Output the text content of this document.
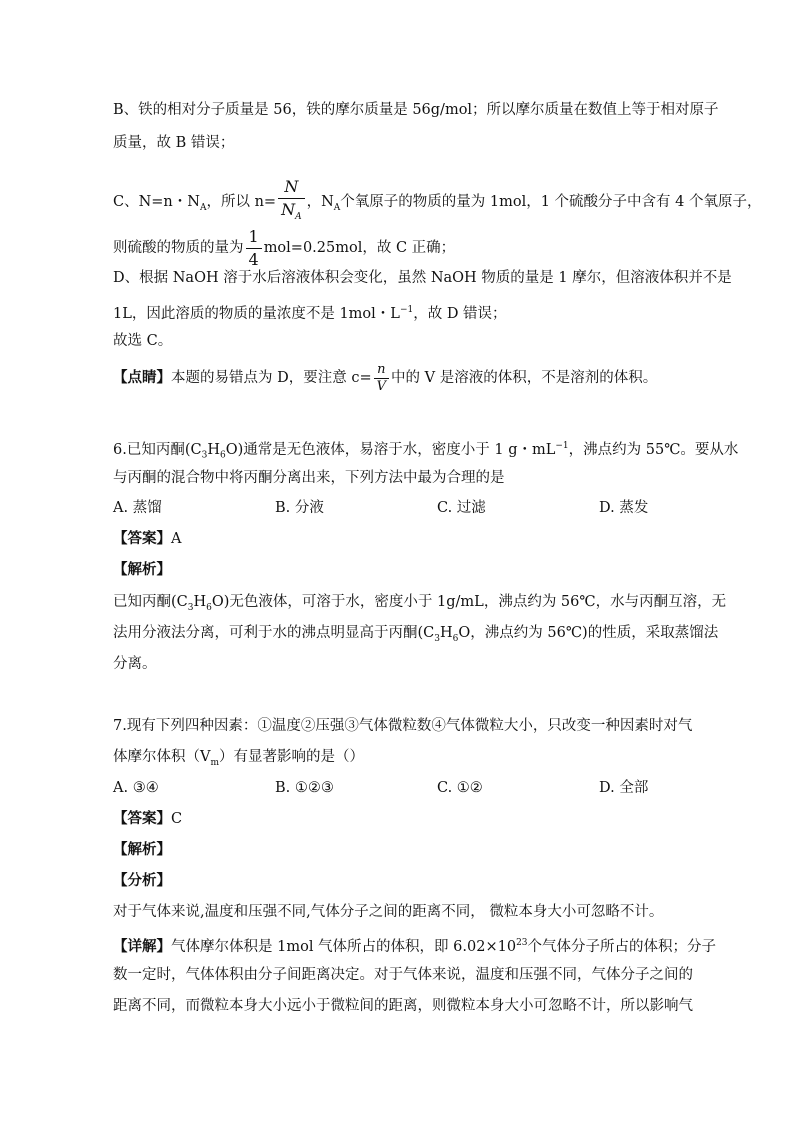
B、铁的相对分子质量是 56，铁的摩尔质量是 56g/mol；所以摩尔质量在数值上等于相对原子
质量，故 B 错误；
C、N=n・$N_A$，所以 $n= \frac{N}{N_A}$ ，$N_A$个氧原子的物质的量为 1mol，1 个硫酸分子中含有 4 个氧原子，
则硫酸的物质的量为 $\frac{1}{4} mol=0.25mol$，故 C 正确；
D、根据 NaOH 溶于水后溶液体积会变化，虽然 NaOH 物质的量是 1 摩尔，但溶液体积并不是
1L，因此溶质的物质的量浓度不是 1mol・$L^{-1}$，故 D 错误；
故选 C。
【点睛】本题的易错点为 D，要注意 $c= \frac{n}{V}$ 中的 V 是溶液的体积，不是溶剂的体积。
6.已知丙酮$(C_3H_6O)$通常是无色液体，易溶于水，密度小于 1 g・$mL^{-1}$，沸点约为 55℃。要从水
与丙酮的混合物中将丙酮分离出来，下列方法中最为合理的是
A. 蒸馏	B. 分液	C. 过滤	D. 蒸发
【答案】A
【解析】
已知丙酮$(C_3H_6O)$无色液体，可溶于水，密度小于 1g/mL，沸点约为 56℃，水与丙酮互溶，无
法用分液法分离，可利于水的沸点明显高于丙酮($C_3H_6O$，沸点约为 56℃)的性质，采取蒸馏法
分离。
7.现有下列四种因素：①温度②压强③气体微粒数④气体微粒大小，只改变一种因素时对气
体摩尔体积$(V_m)$有显著影响的是（）
A. ③④	B. ①②③	C. ①②	D. 全部
【答案】C
【解析】
【分析】
对于气体来说,温度和压强不同,气体分子之间的距离不同， 微粒本身大小可忽略不计。
【详解】气体摩尔体积是 1mol 气体所占的体积，即 $6.02\times 10^{23}$个气体分子所占的体积；分子
数一定时，气体体积由分子间距离决定。对于气体来说，温度和压强不同，气体分子之间的
距离不同，而微粒本身大小远小于微粒间的距离，则微粒本身大小可忽略不计，所以影响气
